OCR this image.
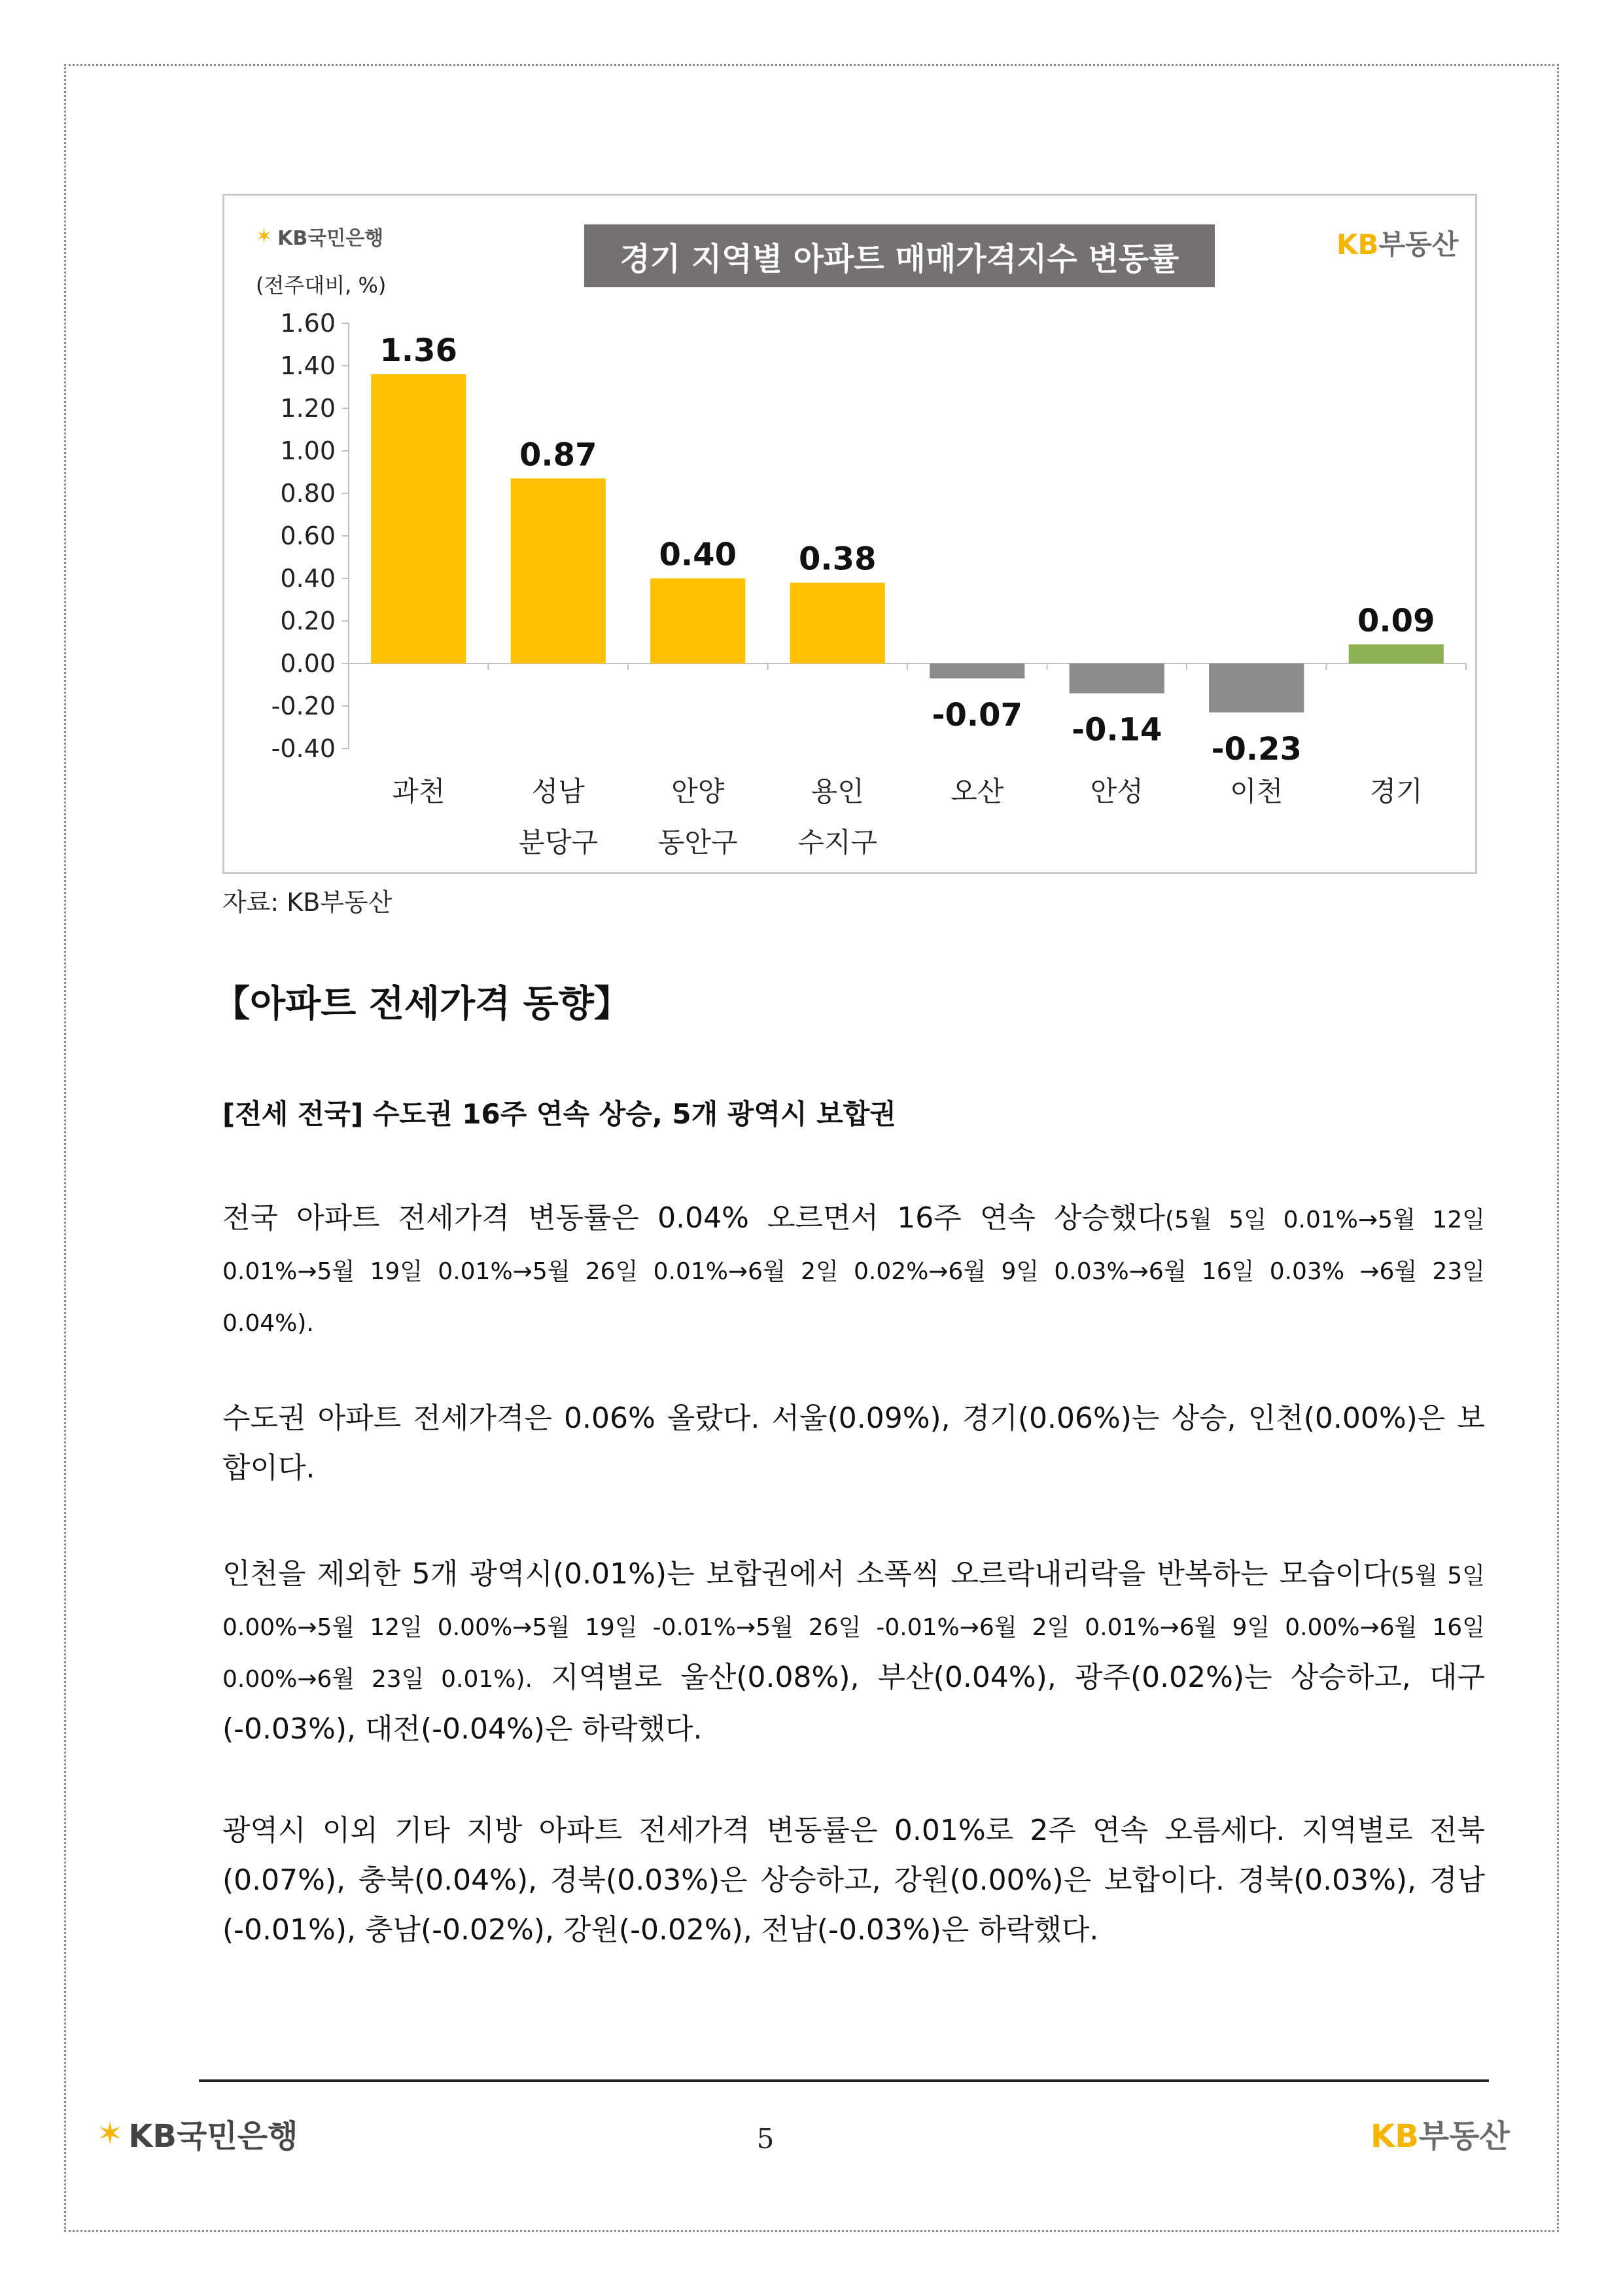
✶ KB국민은행
경기 지역별 아파트 매매가격지수 변동률	KB부동산
(전주대비, %)
1.60
1.40
1.20
1.00
0.80
0.60
0.40
0.20
0.00
-0.20
-0.40
1.36
과천
0.87
성남
분당구
0.40
안양
동안구
0.38
용인
수지구
-0.07
오산
-0.14
안성
-0.23
이천
0.09
경기
자료: KB부동산
【아파트 전세가격 동향】
[전세 전국] 수도권 16주 연속 상승, 5개 광역시 보합권

전국 아파트 전세가격 변동률은 0.04% 오르면서 16주 연속 상승했다(5월 5일 0.01%→5월 12일 0.01%→5월 19일 0.01%→5월 26일 0.01%→6월 2일 0.02%→6월 9일 0.03%→6월 16일 0.03% →6월 23일 0.04%).

수도권 아파트 전세가격은 0.06% 올랐다. 서울(0.09%), 경기(0.06%)는 상승, 인천(0.00%)은 보합이다.

인천을 제외한 5개 광역시(0.01%)는 보합권에서 소폭씩 오르락내리락을 반복하는 모습이다(5월 5일 0.00%→5월 12일 0.00%→5월 19일 -0.01%→5월 26일 -0.01%→6월 2일 0.01%→6월 9일 0.00%→6월 16일 0.00%→6월 23일 0.01%). 지역별로 울산(0.08%), 부산(0.04%), 광주(0.02%)는 상승하고, 대구(-0.03%), 대전(-0.04%)은 하락했다.

광역시 이외 기타 지방 아파트 전세가격 변동률은 0.01%로 2주 연속 오름세다. 지역별로 전북(0.07%), 충북(0.04%), 경북(0.03%)은 상승하고, 강원(0.00%)은 보합이다. 경북(0.03%), 경남(-0.01%), 충남(-0.02%), 강원(-0.02%), 전남(-0.03%)은 하락했다.

✶ KB국민은행	5	KB부동산
